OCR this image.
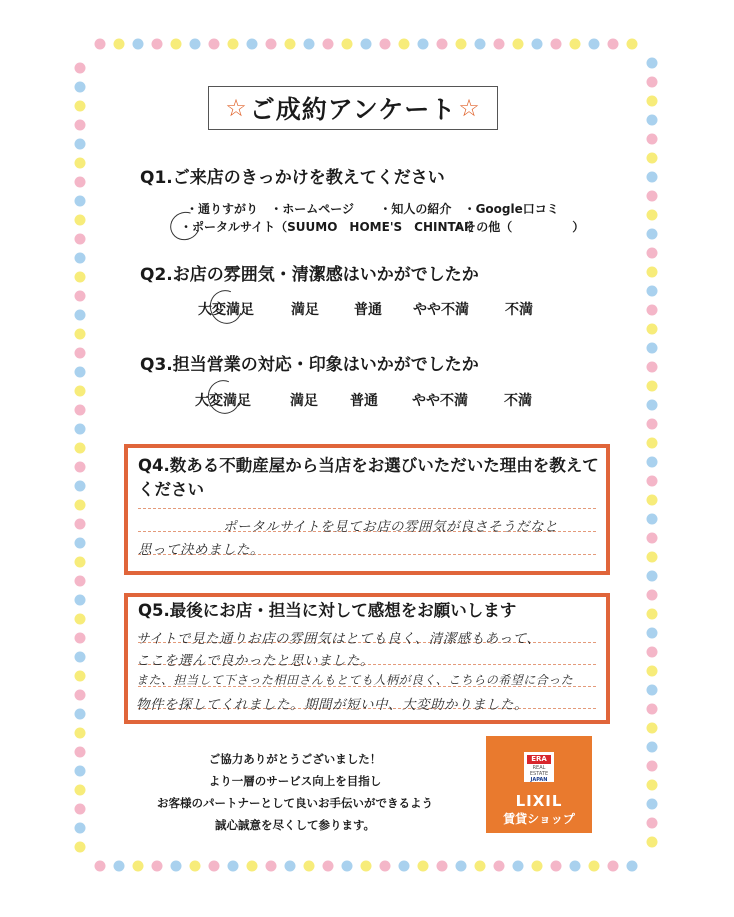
☆ ご成約アンケート ☆
Q1.ご来店のきっかけを教えてください
・通りすがり ・ホームページ ・知人の紹介 ・Google口コミ
・ポータルサイト（SUUMO　HOME'S　CHINTAI） ・その他（　　　　　）
Q2.お店の雰囲気・清潔感はいかがでしたか
大変満足	満足	普通 やや不満	不満
Q3.担当営業の対応・印象はいかがでしたか
大変満足	満足 普通 やや不満	不満
Q4.数ある不動産屋から当店をお選びいただいた理由を教えて
ください
ポータルサイトを見てお店の雰囲気が良さそうだなと
思って決めました。
Q5.最後にお店・担当に対して感想をお願いします
サイトで見た通りお店の雰囲気はとても良く、清潔感もあって、
ここを選んで良かったと思いました。
また、担当して下さった相田さんもとても人柄が良く、こちらの希望に合った
物件を探してくれました。期間が短い中、大変助かりました。
ご協力ありがとうございました！
より一層のサービス向上を目指し
お客様のパートナーとして良いお手伝いができるよう
誠心誠意を尽くして参ります。
ERA
REAL ESTATE
JAPAN
LIXIL
賃貸ショップ
